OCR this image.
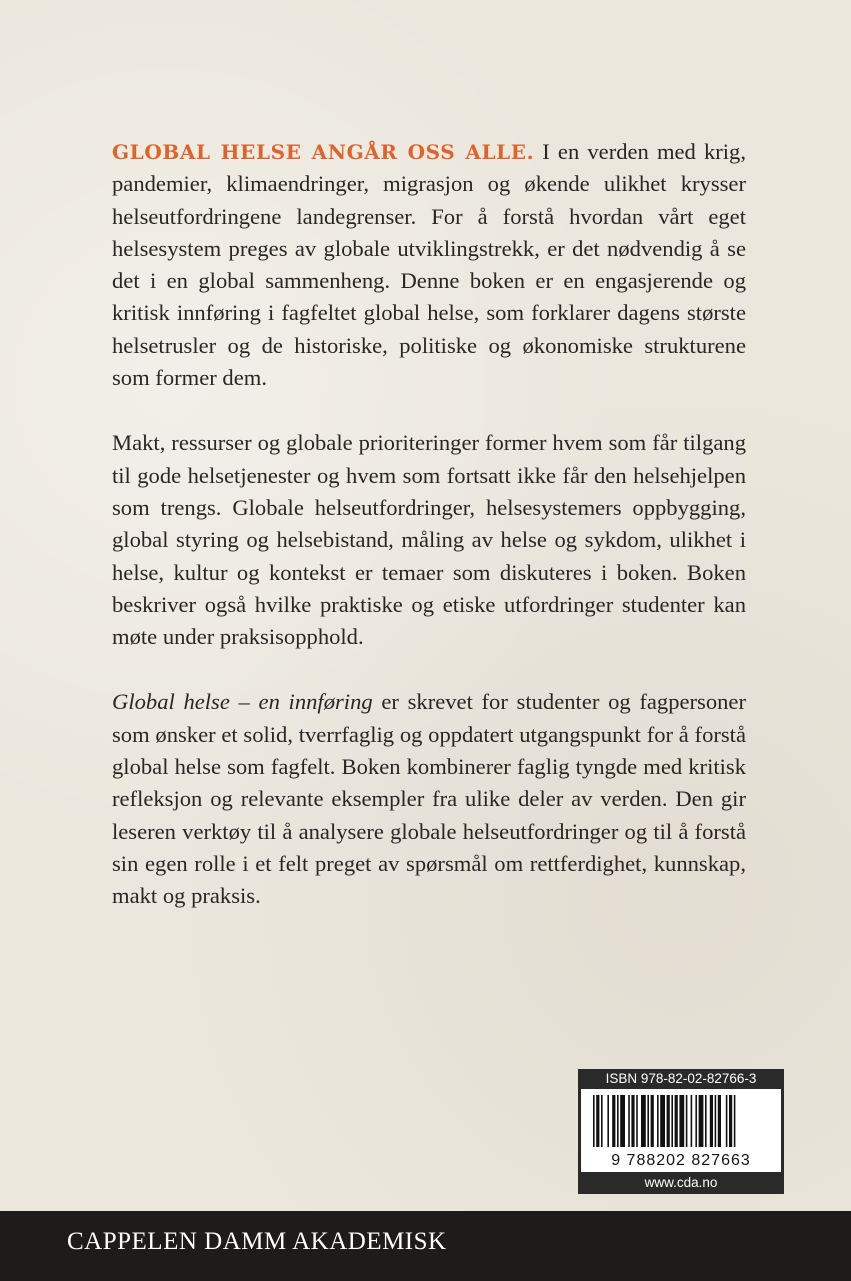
GLOBAL HELSE ANGÅR OSS ALLE. I en verden med krig, pandemier, klimaendringer, migrasjon og økende ulikhet krysser helseutfordringene landegrenser. For å forstå hvordan vårt eget helsesystem preges av globale utviklingstrekk, er det nødvendig å se det i en global sammenheng. Denne boken er en engasjerende og kritisk innføring i fagfeltet global helse, som forklarer dagens største helsetrusler og de historiske, politiske og økonomiske strukturene som former dem.

Makt, ressurser og globale prioriteringer former hvem som får tilgang til gode helsetjenester og hvem som fortsatt ikke får den helsehjelpen som trengs. Globale helseutfordringer, helsesystemers oppbygging, global styring og helsebistand, måling av helse og sykdom, ulikhet i helse, kultur og kontekst er temaer som diskuteres i boken. Boken beskriver også hvilke praktiske og etiske utfordringer studenter kan møte under praksisopphold.

Global helse – en innføring er skrevet for studenter og fagpersoner som ønsker et solid, tverrfaglig og oppdatert utgangspunkt for å forstå global helse som fagfelt. Boken kombinerer faglig tyngde med kritisk refleksjon og relevante eksempler fra ulike deler av verden. Den gir leseren verktøy til å analysere globale helseutfordringer og til å forstå sin egen rolle i et felt preget av spørsmål om rettferdighet, kunnskap, makt og praksis.

ISBN 978-82-02-82766-3
9 788202 827663
www.cda.no
CAPPELEN DAMM AKADEMISK
